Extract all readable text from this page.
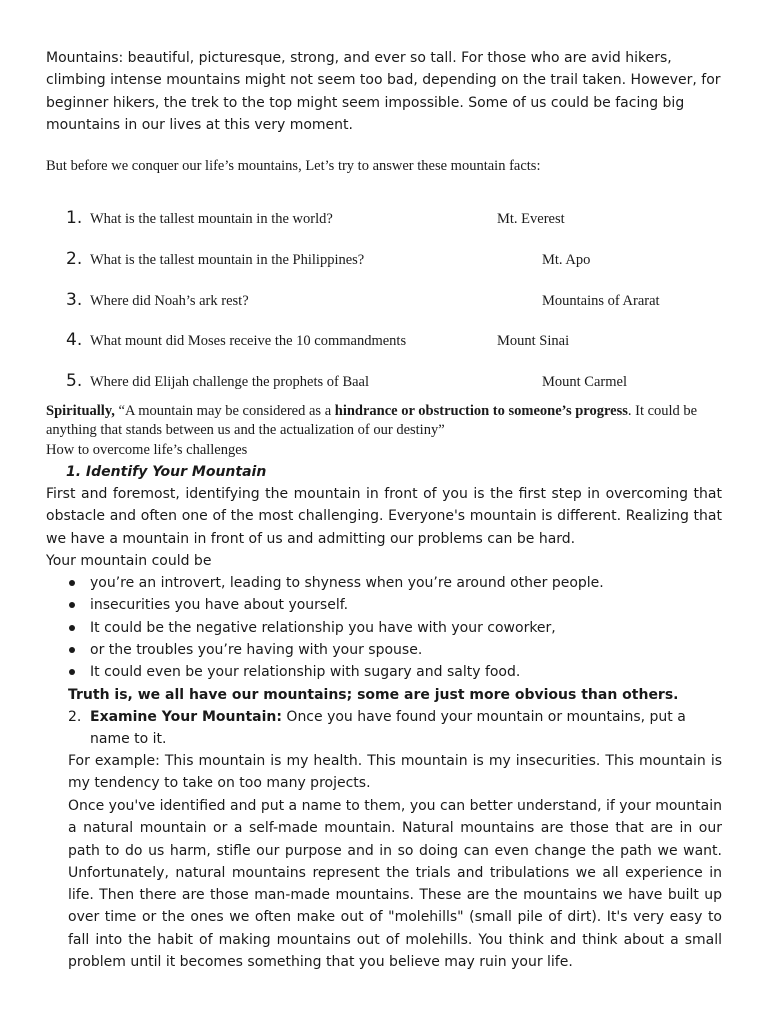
Mountains: beautiful, picturesque, strong, and ever so tall. For those who are avid hikers, climbing intense mountains might not seem too bad, depending on the trail taken. However, for beginner hikers, the trek to the top might seem impossible. Some of us could be facing big mountains in our lives at this very moment.
But before we conquer our life’s mountains, Let’s try to answer these mountain facts:
1. What is the tallest mountain in the world?	Mt. Everest
2. What is the tallest mountain in the Philippines?	Mt. Apo
3. Where did Noah’s ark rest?	Mountains of Ararat
4. What mount did Moses receive the 10 commandments	Mount Sinai
5. Where did Elijah challenge the prophets of Baal	Mount Carmel
Spiritually, “A mountain may be considered as a hindrance or obstruction to someone’s progress. It could be anything that stands between us and the actualization of our destiny”
How to overcome life’s challenges
1. Identify Your Mountain
First and foremost, identifying the mountain in front of you is the first step in overcoming that obstacle and often one of the most challenging. Everyone's mountain is different. Realizing that we have a mountain in front of us and admitting our problems can be hard.
Your mountain could be
you’re an introvert, leading to shyness when you’re around other people.
insecurities you have about yourself.
It could be the negative relationship you have with your coworker,
or the troubles you’re having with your spouse.
It could even be your relationship with sugary and salty food.
Truth is, we all have our mountains; some are just more obvious than others.
2. Examine Your Mountain: Once you have found your mountain or mountains, put a name to it.
For example: This mountain is my health. This mountain is my insecurities. This mountain is my tendency to take on too many projects.
Once you've identified and put a name to them, you can better understand, if your mountain a natural mountain or a self-made mountain. Natural mountains are those that are in our path to do us harm, stifle our purpose and in so doing can even change the path we want. Unfortunately, natural mountains represent the trials and tribulations we all experience in life. Then there are those man-made mountains. These are the mountains we have built up over time or the ones we often make out of "molehills" (small pile of dirt). It's very easy to fall into the habit of making mountains out of molehills. You think and think about a small problem until it becomes something that you believe may ruin your life.
